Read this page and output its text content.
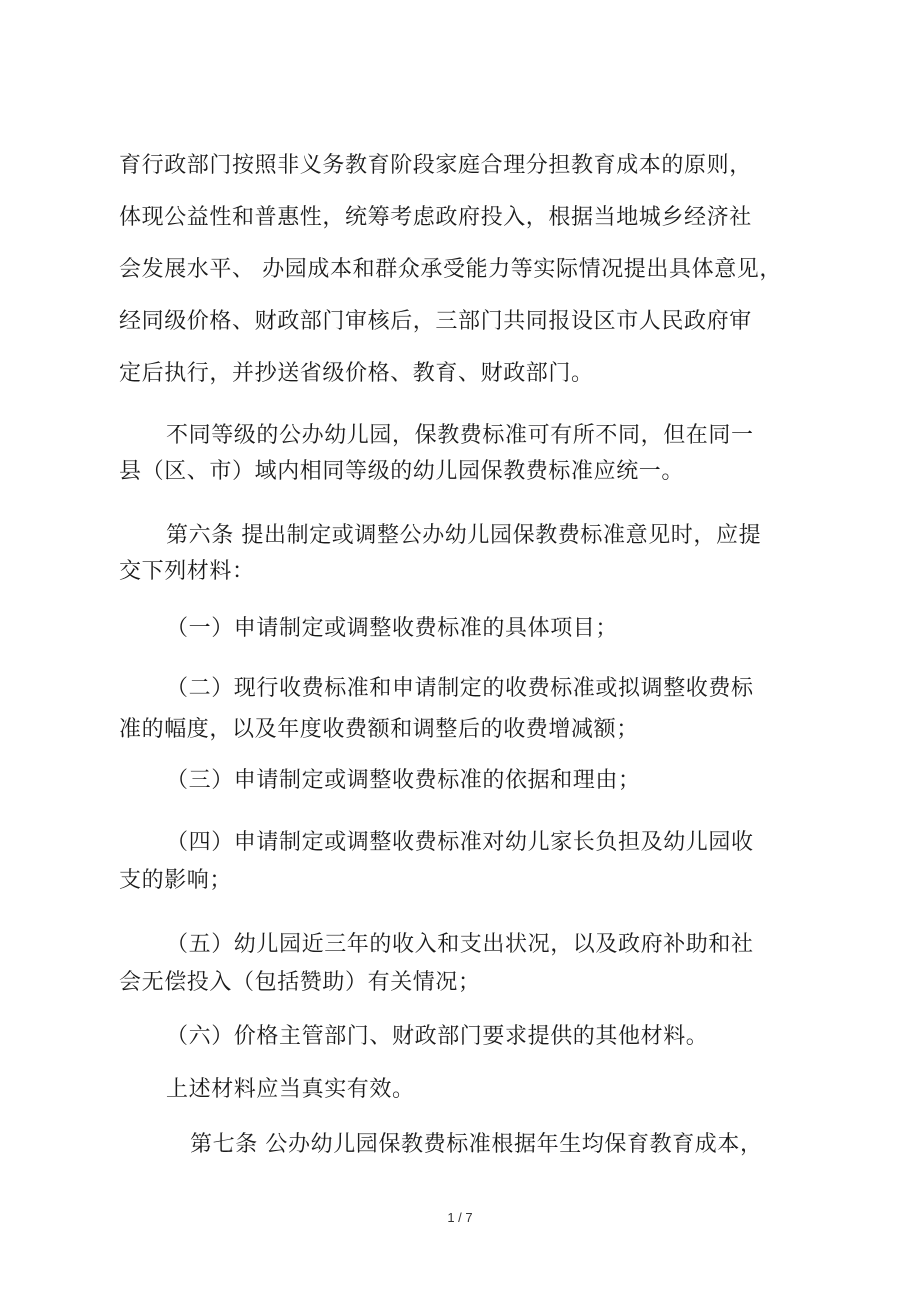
育行政部门按照非义务教育阶段家庭合理分担教育成本的原则，
体现公益性和普惠性，统筹考虑政府投入，根据当地城乡经济社
会发展水平、 办园成本和群众承受能力等实际情况提出具体意见，
经同级价格、财政部门审核后，三部门共同报设区市人民政府审
定后执行，并抄送省级价格、教育、财政部门。
不同等级的公办幼儿园，保教费标准可有所不同，但在同一
县（区、市）域内相同等级的幼儿园保教费标准应统一。
第六条 提出制定或调整公办幼儿园保教费标准意见时，应提
交下列材料：
（一）申请制定或调整收费标准的具体项目；
（二）现行收费标准和申请制定的收费标准或拟调整收费标
准的幅度，以及年度收费额和调整后的收费增减额；
（三）申请制定或调整收费标准的依据和理由；
（四）申请制定或调整收费标准对幼儿家长负担及幼儿园收
支的影响；
（五）幼儿园近三年的收入和支出状况，以及政府补助和社
会无偿投入（包括赞助）有关情况；
（六）价格主管部门、财政部门要求提供的其他材料。
上述材料应当真实有效。
第七条 公办幼儿园保教费标准根据年生均保育教育成本，
1 / 7
